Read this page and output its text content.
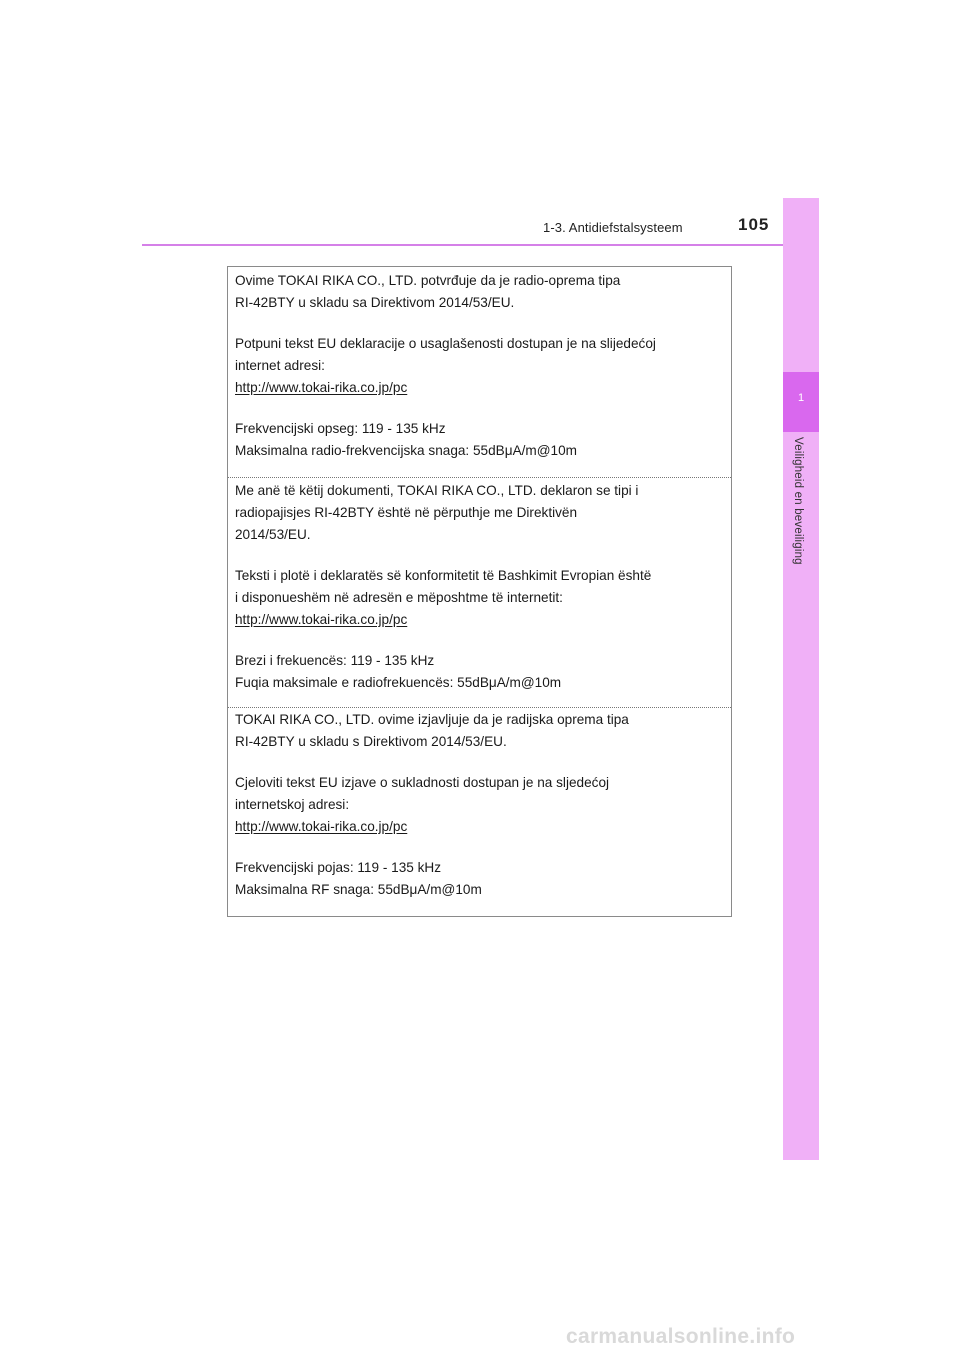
1-3. Antidiefstalsysteem	105
1
Veiligheid en beveiliging

Ovime TOKAI RIKA CO., LTD. potvrđuje da je radio-oprema tipa

RI-42BTY u skladu sa Direktivom 2014/53/EU.

Potpuni tekst EU deklaracije o usaglašenosti dostupan je na slijedećoj

internet adresi:

http://www.tokai-rika.co.jp/pc

Frekvencijski opseg: 119 - 135 kHz

Maksimalna radio-frekvencijska snaga: 55dBμA/m@10m

Me anë të këtij dokumenti, TOKAI RIKA CO., LTD. deklaron se tipi i

radiopajisjes RI-42BTY është në përputhje me Direktivën

2014/53/EU.

Teksti i plotë i deklaratës së konformitetit të Bashkimit Evropian është

i disponueshëm në adresën e mëposhtme të internetit:

http://www.tokai-rika.co.jp/pc

Brezi i frekuencës: 119 - 135 kHz

Fuqia maksimale e radiofrekuencës: 55dBμA/m@10m

TOKAI RIKA CO., LTD. ovime izjavljuje da je radijska oprema tipa

RI-42BTY u skladu s Direktivom 2014/53/EU.

Cjeloviti tekst EU izjave o sukladnosti dostupan je na sljedećoj

internetskoj adresi:

http://www.tokai-rika.co.jp/pc

Frekvencijski pojas: 119 - 135 kHz

Maksimalna RF snaga: 55dBμA/m@10m

carmanualsonline.info
